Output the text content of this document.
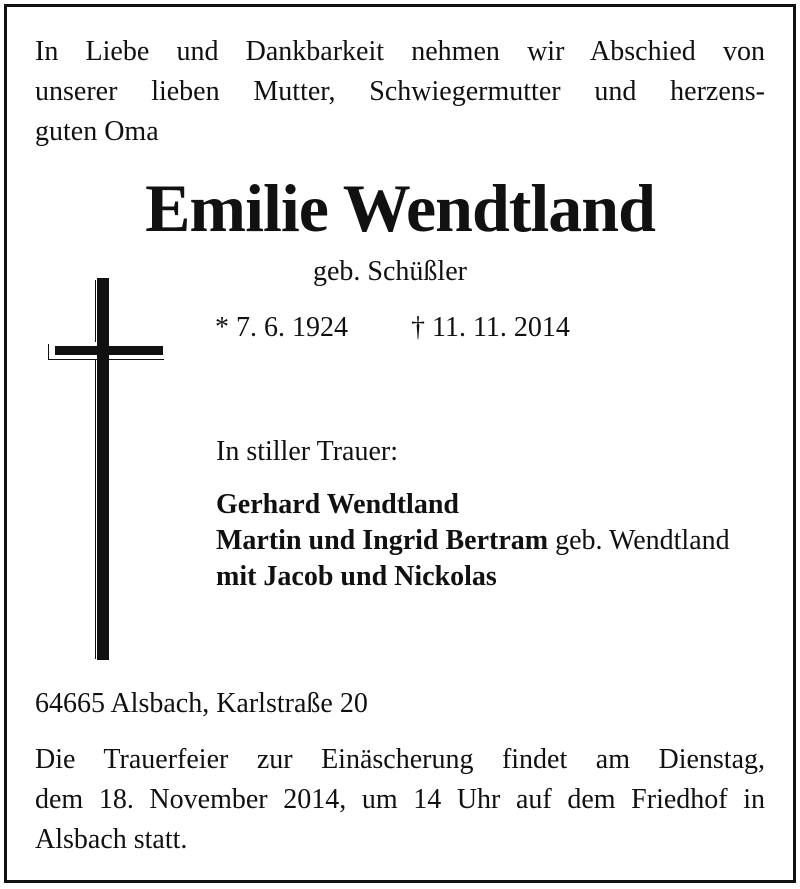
In Liebe und Dankbarkeit nehmen wir Abschied von
unserer lieben Mutter, Schwiegermutter und herzens-
guten Oma
Emilie Wendtland
geb. Schüßler
* 7. 6. 1924 † 11. 11. 2014
In stiller Trauer:
Gerhard Wendtland
Martin und Ingrid Bertram geb. Wendtland
mit Jacob und Nickolas
64665 Alsbach, Karlstraße 20
Die Trauerfeier zur Einäscherung findet am Dienstag,
dem 18. November 2014, um 14 Uhr auf dem Friedhof in
Alsbach statt.
